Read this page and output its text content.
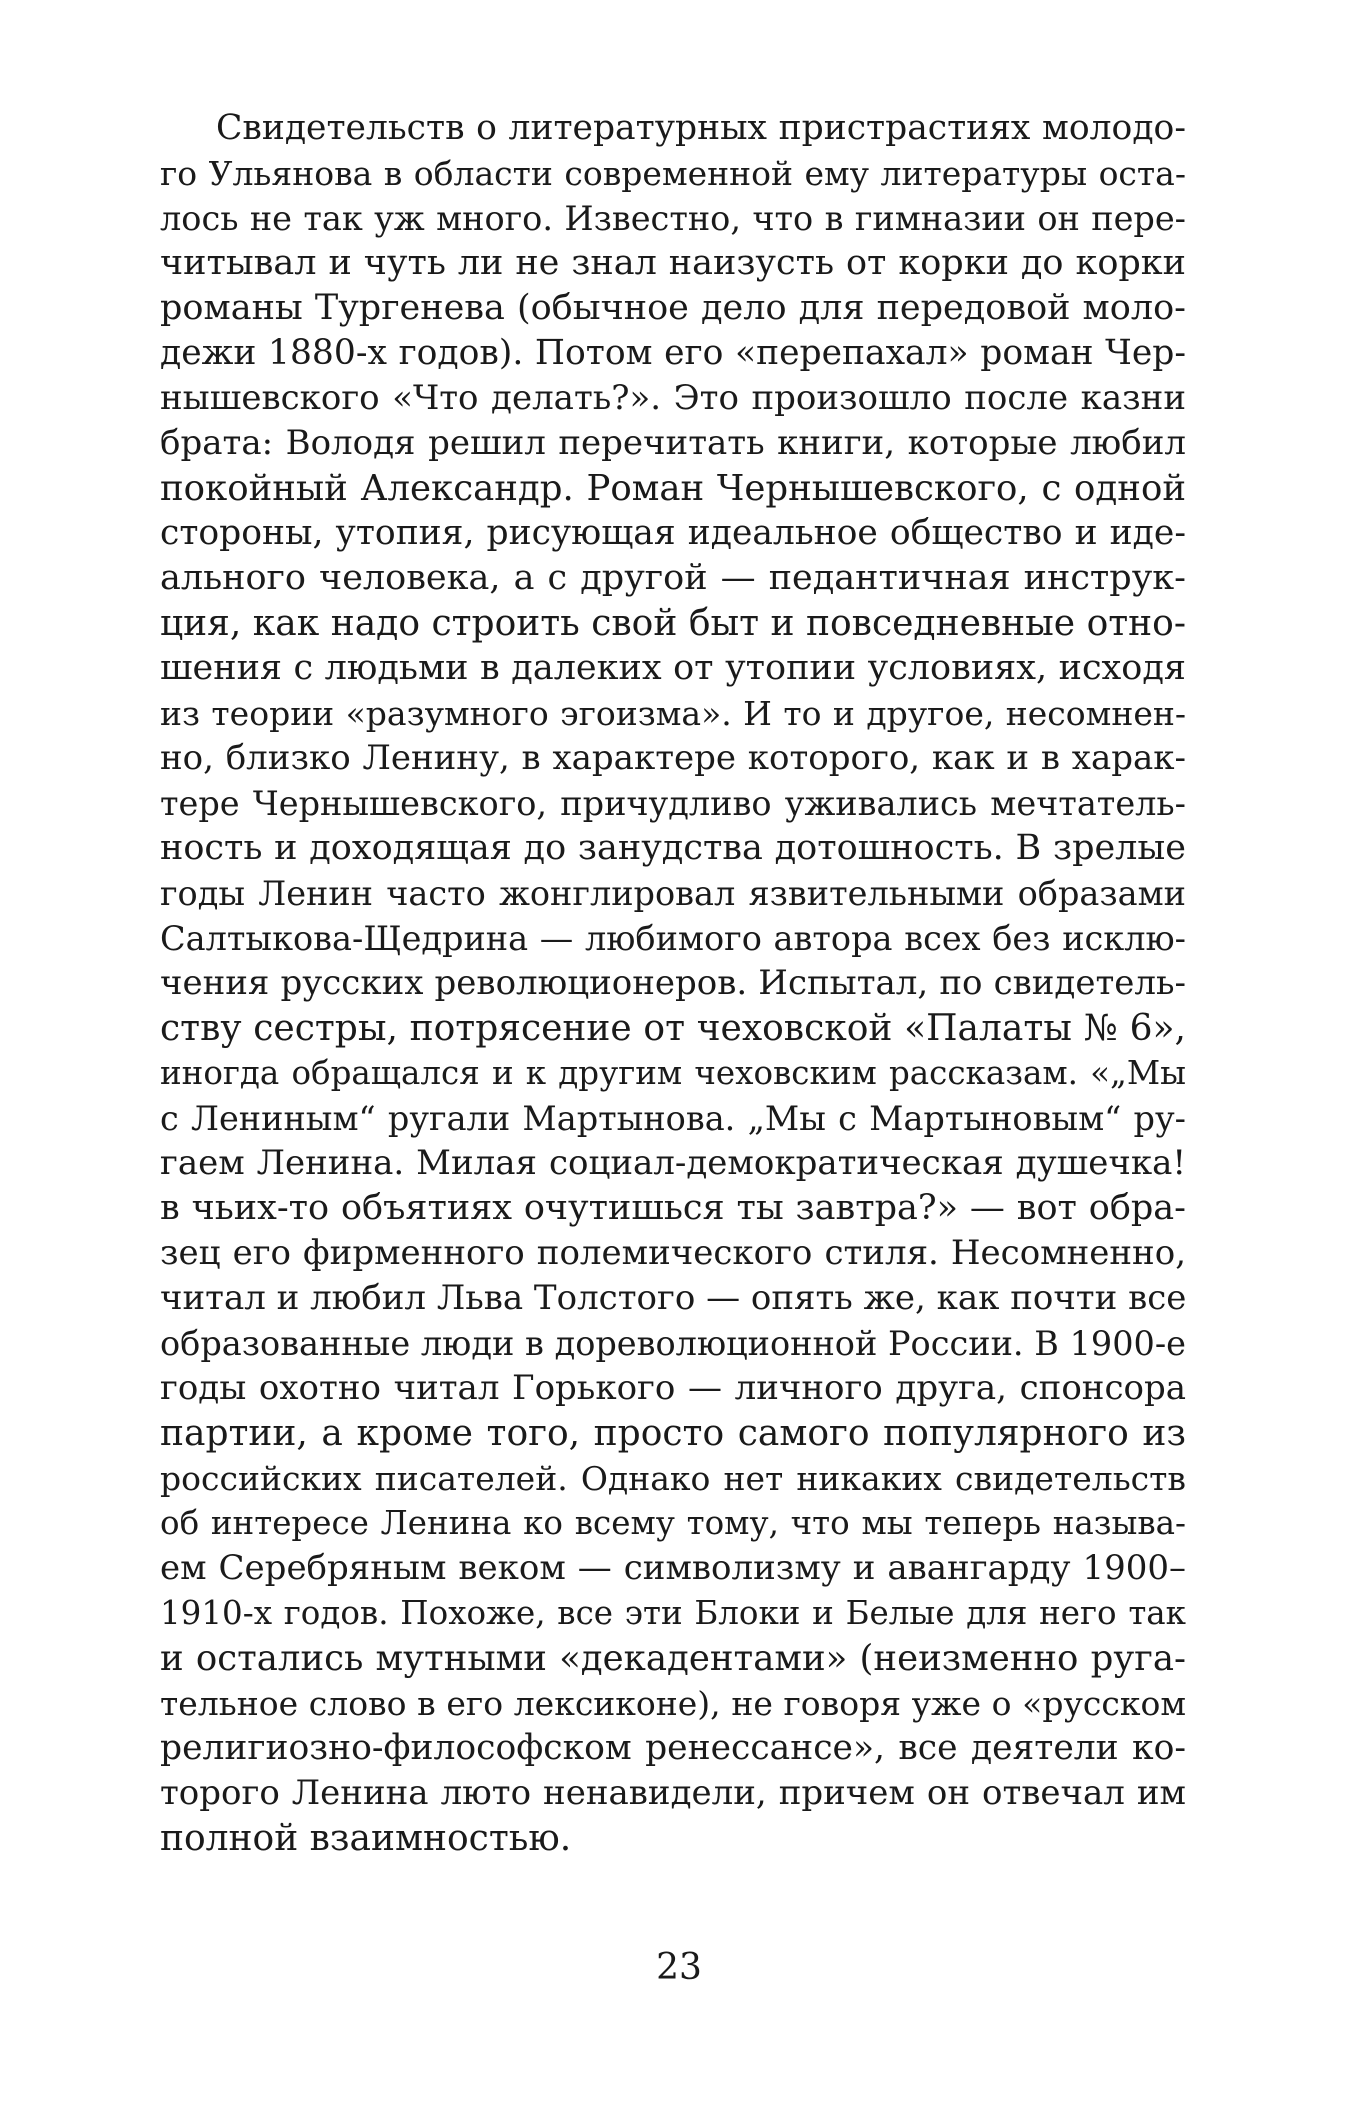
Свидетельств о литературных пристрастиях молодо-
го Ульянова в области современной ему литературы оста-
лось не так уж много. Известно, что в гимназии он пере-
читывал и чуть ли не знал наизусть от корки до корки
романы Тургенева (обычное дело для передовой моло-
дежи 1880-х годов). Потом его «перепахал» роман Чер-
нышевского «Что делать?». Это произошло после казни
брата: Володя решил перечитать книги, которые любил
покойный Александр. Роман Чернышевского, с одной
стороны, утопия, рисующая идеальное общество и иде-
ального человека, а с другой — педантичная инструк-
ция, как надо строить свой быт и повседневные отно-
шения с людьми в далеких от утопии условиях, исходя
из теории «разумного эгоизма». И то и другое, несомнен-
но, близко Ленину, в характере которого, как и в харак-
тере Чернышевского, причудливо уживались мечтатель-
ность и доходящая до занудства дотошность. В зрелые
годы Ленин часто жонглировал язвительными образами
Салтыкова-Щедрина — любимого автора всех без исклю-
чения русских революционеров. Испытал, по свидетель-
ству сестры, потрясение от чеховской «Палаты № 6»,
иногда обращался и к другим чеховским рассказам. «„Мы
с Лениным“ ругали Мартынова. „Мы с Мартыновым“ ру-
гаем Ленина. Милая социал-демократическая душечка!
в чьих-то объятиях очутишься ты завтра?» — вот обра-
зец его фирменного полемического стиля. Несомненно,
читал и любил Льва Толстого — опять же, как почти все
образованные люди в дореволюционной России. В 1900-е
годы охотно читал Горького — личного друга, спонсора
партии, а кроме того, просто самого популярного из
российских писателей. Однако нет никаких свидетельств
об интересе Ленина ко всему тому, что мы теперь называ-
ем Серебряным веком — символизму и авангарду 1900–
1910-х годов. Похоже, все эти Блоки и Белые для него так
и остались мутными «декадентами» (неизменно руга-
тельное слово в его лексиконе), не говоря уже о «русском
религиозно-философском ренессансе», все деятели ко-
торого Ленина люто ненавидели, причем он отвечал им
полной взаимностью.
23
